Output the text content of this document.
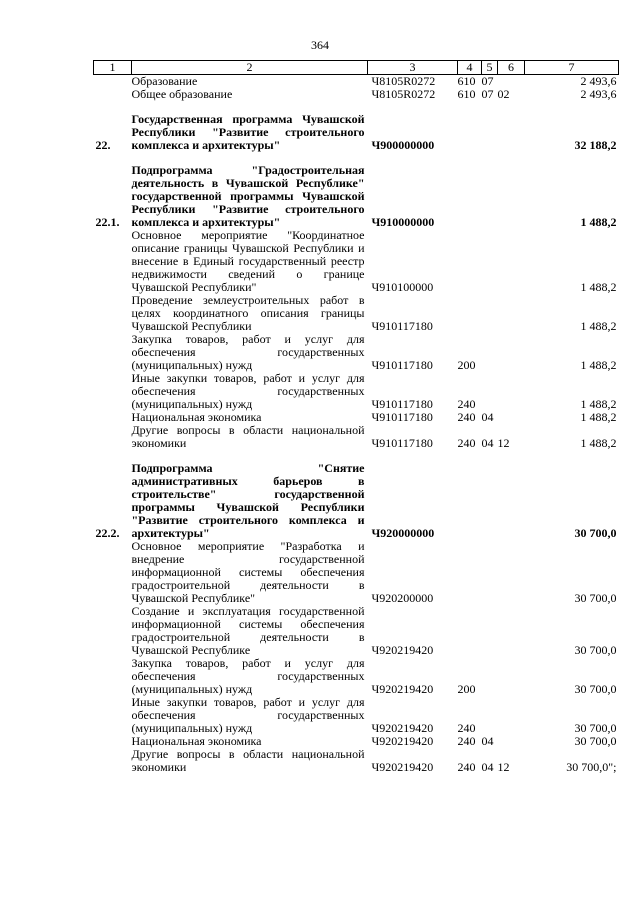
364
1	2	3	4	5	6	7
	Образование	Ч8105R0272	610	07		2 493,6
	Общее образование	Ч8105R0272	610	07	02	2 493,6

22.	Государственная программа Чувашской Республики "Развитие строительного комплекса и архитектуры"	Ч900000000				32 188,2

22.1.	Подпрограмма "Градостроительная деятельность в Чувашской Республике" государственной программы Чувашской Республики "Развитие строительного комплекса и архитектуры"	Ч910000000				1 488,2
	Основное мероприятие "Координатное описание границы Чувашской Республики и внесение в Единый государственный реестр недвижимости сведений о границе Чувашской Республики"	Ч910100000				1 488,2
	Проведение землеустроительных работ в целях координатного описания границы Чувашской Республики	Ч910117180				1 488,2
	Закупка товаров, работ и услуг для обеспечения государственных (муниципальных) нужд	Ч910117180	200			1 488,2
	Иные закупки товаров, работ и услуг для обеспечения государственных (муниципальных) нужд	Ч910117180	240			1 488,2
	Национальная экономика	Ч910117180	240	04		1 488,2
	Другие вопросы в области национальной экономики	Ч910117180	240	04	12	1 488,2

22.2.	Подпрограмма "Снятие административных барьеров в строительстве" государственной программы Чувашской Республики "Развитие строительного комплекса и архитектуры"	Ч920000000				30 700,0
	Основное мероприятие "Разработка и внедрение государственной информационной системы обеспечения градостроительной деятельности в Чувашской Республике"	Ч920200000				30 700,0
	Создание и эксплуатация государственной информационной системы обеспечения градостроительной деятельности в Чувашской Республике	Ч920219420				30 700,0
	Закупка товаров, работ и услуг для обеспечения государственных (муниципальных) нужд	Ч920219420	200			30 700,0
	Иные закупки товаров, работ и услуг для обеспечения государственных (муниципальных) нужд	Ч920219420	240			30 700,0
	Национальная экономика	Ч920219420	240	04		30 700,0
	Другие вопросы в области национальной экономики	Ч920219420	240	04	12	30 700,0";
